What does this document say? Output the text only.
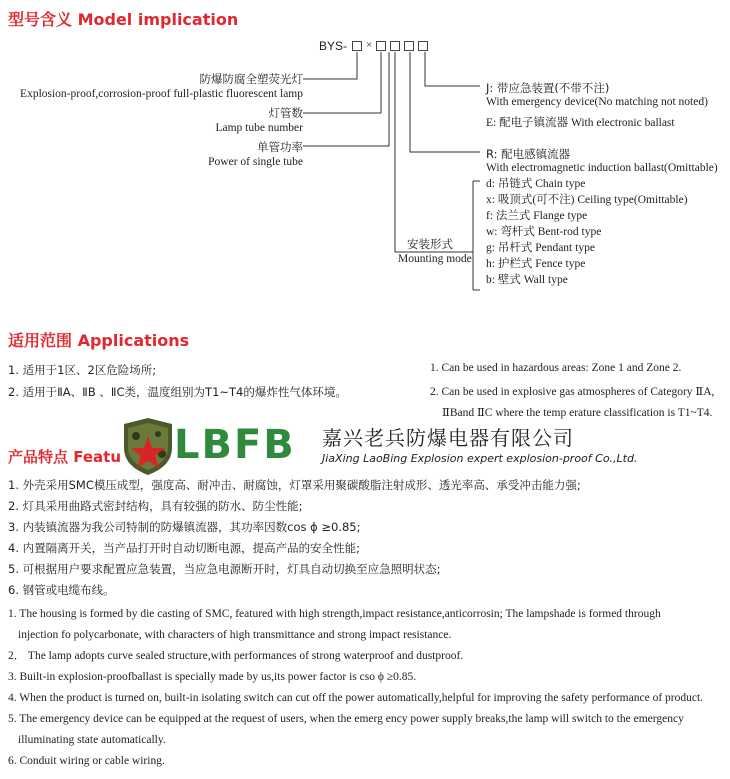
型号含义 Model implication
BYS- ×
防爆防腐全塑荧光灯
Explosion-proof,corrosion-proof full-plastic fluorescent lamp
灯管数
Lamp tube number
单管功率
Power of single tube
J: 带应急装置(不带不注)
With emergency device(No matching not noted)
E: 配电子镇流器 With electronic ballast
R: 配电感镇流器
With electromagnetic induction ballast(Omittable)
安装形式
Mounting mode
d: 吊链式 Chain type
x: 吸顶式(可不注) Ceiling type(Omittable)
f: 法兰式 Flange type
w: 弯杆式 Bent-rod type
g: 吊杆式 Pendant type
h: 护栏式 Fence type
b: 壁式 Wall type
适用范围 Applications
1. 适用于1区、2区危险场所;
2. 适用于ⅡA、ⅡB 、ⅡC类，温度组别为T1~T4的爆炸性气体环境。
1. Can be used in hazardous areas: Zone 1 and Zone 2.
2. Can be used in explosive gas atmospheres of Category ⅡA,
ⅡBand ⅡC where the temp erature classification is T1~T4.
产品特点 Featu LBFB 嘉兴老兵防爆电器有限公司
JiaXing LaoBing Explosion expert explosion-proof Co.,Ltd.
1. 外壳采用SMC模压成型，强度高、耐冲击、耐腐蚀，灯罩采用聚碳酸脂注射成形、透光率高、承受冲击能力强;
2. 灯具采用曲路式密封结构，具有较强的防水、防尘性能;
3. 内装镇流器为我公司特制的防爆镇流器，其功率因数cos ϕ ≥0.85;
4. 内置隔离开关，当产品打开时自动切断电源，提高产品的安全性能;
5. 可根据用户要求配置应急装置，当应急电源断开时，灯具自动切换至应急照明状态;
6. 钢管或电缆布线。
1. The housing is formed by die casting of SMC, featured with high strength,impact resistance,anticorrosin; The lampshade is formed through
injection fo polycarbonate, with characters of high transmittance and strong impact resistance.
2． The lamp adopts curve sealed structure,with performances of strong waterproof and dustproof.
3. Built-in explosion-proofballast is specially made by us,its power factor is cso ϕ ≥0.85.
4. When the product is turned on, built-in isolating switch can cut off the power automatically,helpful for improving the safety performance of product.
5. The emergency device can be equipped at the request of users, when the emerg ency power supply breaks,the lamp will switch to the emergency
illuminating state automatically.
6. Conduit wiring or cable wiring.
